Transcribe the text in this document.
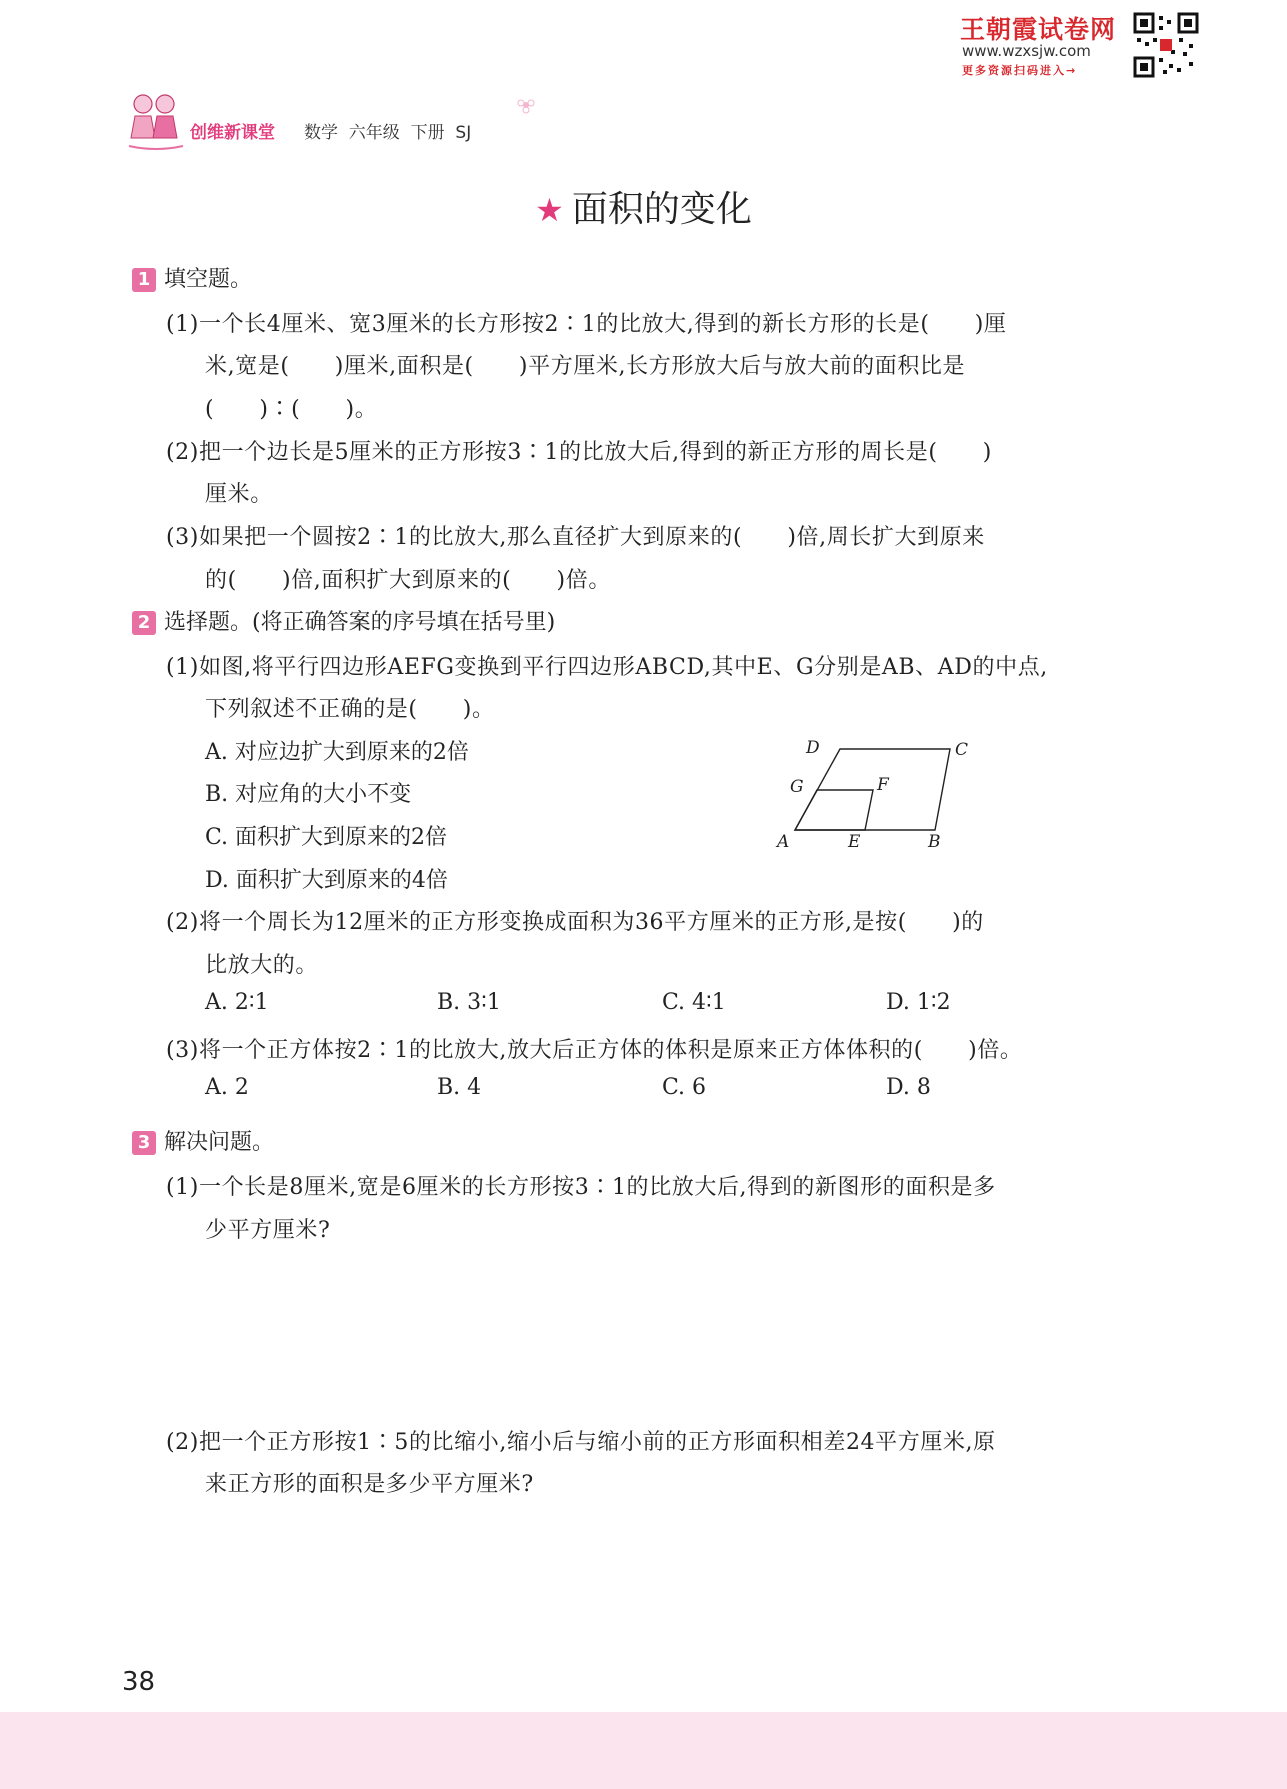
创维新课堂 数学  六年级  下册  SJ
王朝霞试卷网
www.wzxsjw.com
更多资源扫码进入→
★ 面积的变化
1 填空题。
(1)一个长4厘米、宽3厘米的长方形按2∶1的比放大,得到的新长方形的长是(　　)厘
米,宽是(　　)厘米,面积是(　　)平方厘米,长方形放大后与放大前的面积比是
(　　)∶(　　)。
(2)把一个边长是5厘米的正方形按3∶1的比放大后,得到的新正方形的周长是(　　)
厘米。
(3)如果把一个圆按2∶1的比放大,那么直径扩大到原来的(　　)倍,周长扩大到原来
的(　　)倍,面积扩大到原来的(　　)倍。
2 选择题。(将正确答案的序号填在括号里)
(1)如图,将平行四边形AEFG变换到平行四边形ABCD,其中E、G分别是AB、AD的中点,
下列叙述不正确的是(　　)。
A. 对应边扩大到原来的2倍
B. 对应角的大小不变
C. 面积扩大到原来的2倍
D. 面积扩大到原来的4倍
D	C
G	F
A	E	B
(2)将一个周长为12厘米的正方形变换成面积为36平方厘米的正方形,是按(　　)的
比放大的。
A. 2∶1	B. 3∶1	C. 4∶1	D. 1∶2
(3)将一个正方体按2∶1的比放大,放大后正方体的体积是原来正方体体积的(　　)倍。
A. 2	B. 4	C. 6	D. 8
3 解决问题。
(1)一个长是8厘米,宽是6厘米的长方形按3∶1的比放大后,得到的新图形的面积是多
少平方厘米?
(2)把一个正方形按1∶5的比缩小,缩小后与缩小前的正方形面积相差24平方厘米,原
来正方形的面积是多少平方厘米?
38
